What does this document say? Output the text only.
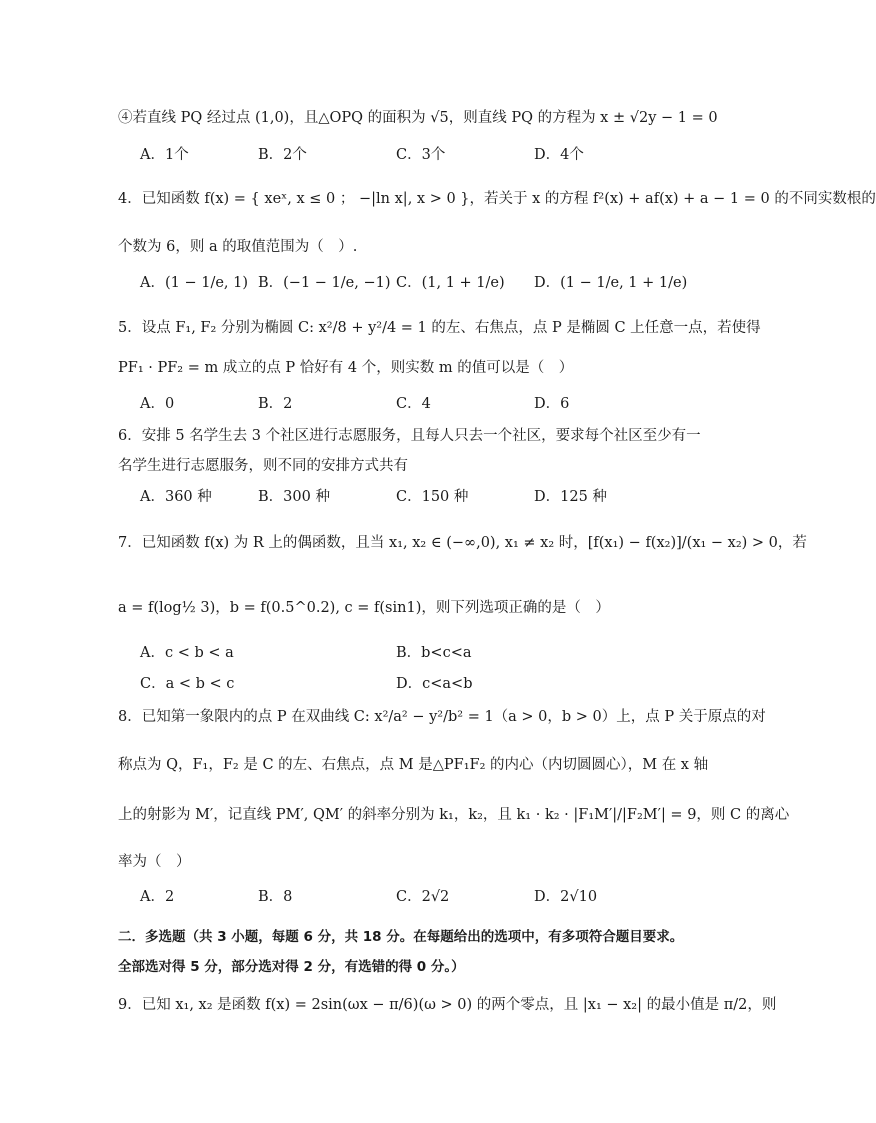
④若直线 PQ 经过点 (1,0)，且△OPQ 的面积为 √5，则直线 PQ 的方程为 x ± √2y − 1 = 0
4．已知函数 f(x) = { xeˣ, x ≤ 0 ； −|ln x|, x > 0 }，若关于 x 的方程 f²(x) + af(x) + a − 1 = 0 的不同实数根的
个数为 6，则 a 的取值范围为（　）.
5．设点 F₁, F₂ 分别为椭圆 C: x²/8 + y²/4 = 1 的左、右焦点，点 P 是椭圆 C 上任意一点，若使得
PF₁ · PF₂ = m 成立的点 P 恰好有 4 个，则实数 m 的值可以是（　）
6．安排 5 名学生去 3 个社区进行志愿服务，且每人只去一个社区，要求每个社区至少有一
名学生进行志愿服务，则不同的安排方式共有
7．已知函数 f(x) 为 R 上的偶函数，且当 x₁, x₂ ∈ (−∞,0), x₁ ≠ x₂ 时，[f(x₁) − f(x₂)]/(x₁ − x₂) > 0，若
a = f(log½ 3)，b = f(0.5^0.2), c = f(sin1)，则下列选项正确的是（　）
8．已知第一象限内的点 P 在双曲线 C: x²/a² − y²/b² = 1（a > 0，b > 0）上，点 P 关于原点的对
称点为 Q，F₁，F₂ 是 C 的左、右焦点，点 M 是△PF₁F₂ 的内心（内切圆圆心），M 在 x 轴
上的射影为 M′，记直线 PM′, QM′ 的斜率分别为 k₁，k₂，且 k₁ · k₂ · |F₁M′|/|F₂M′| = 9，则 C 的离心
率为（　）
二．多选题（共 3 小题，每题 6 分，共 18 分。在每题给出的选项中，有多项符合题目要求。
全部选对得 5 分，部分选对得 2 分，有选错的得 0 分。）
9．已知 x₁, x₂ 是函数 f(x) = 2sin(ωx − π/6)(ω > 0) 的两个零点，且 |x₁ − x₂| 的最小值是 π/2，则
A．1个	B．2个	C．3个	D．4个
A．(1 − 1/e, 1) B．(−1 − 1/e, −1) C．(1, 1 + 1/e) D．(1 − 1/e, 1 + 1/e)
A．0	B．2	C．4	D．6
A．360 种	B．300 种	C．150 种	D．125 种
A．c < b < a	B．b<c<a
C．a < b < c	D．c<a<b
A．2	B．8	C．2√2	D．2√10
